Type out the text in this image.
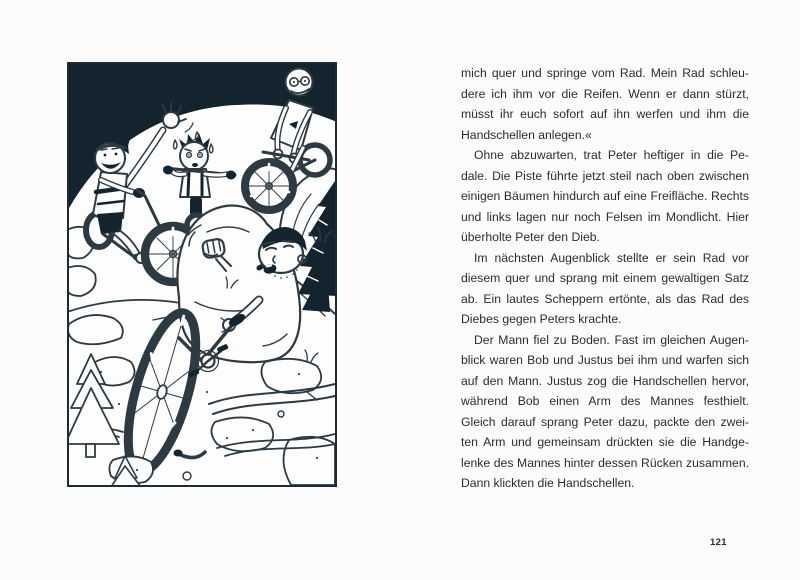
mich quer und springe vom Rad. Mein Rad schleu-
dere ich ihm vor die Reifen. Wenn er dann stürzt,
müsst ihr euch sofort auf ihn werfen und ihm die
Handschellen anlegen.«
Ohne abzuwarten, trat Peter heftiger in die Pe-
dale. Die Piste führte jetzt steil nach oben zwischen
einigen Bäumen hindurch auf eine Freifläche. Rechts
und links lagen nur noch Felsen im Mondlicht. Hier
überholte Peter den Dieb.
Im nächsten Augenblick stellte er sein Rad vor
diesem quer und sprang mit einem gewaltigen Satz
ab. Ein lautes Scheppern ertönte, als das Rad des
Diebes gegen Peters krachte.
Der Mann fiel zu Boden. Fast im gleichen Augen-
blick waren Bob und Justus bei ihm und warfen sich
auf den Mann. Justus zog die Handschellen hervor,
während Bob einen Arm des Mannes festhielt.
Gleich darauf sprang Peter dazu, packte den zwei-
ten Arm und gemeinsam drückten sie die Handge-
lenke des Mannes hinter dessen Rücken zusammen.
Dann klickten die Handschellen.
121
